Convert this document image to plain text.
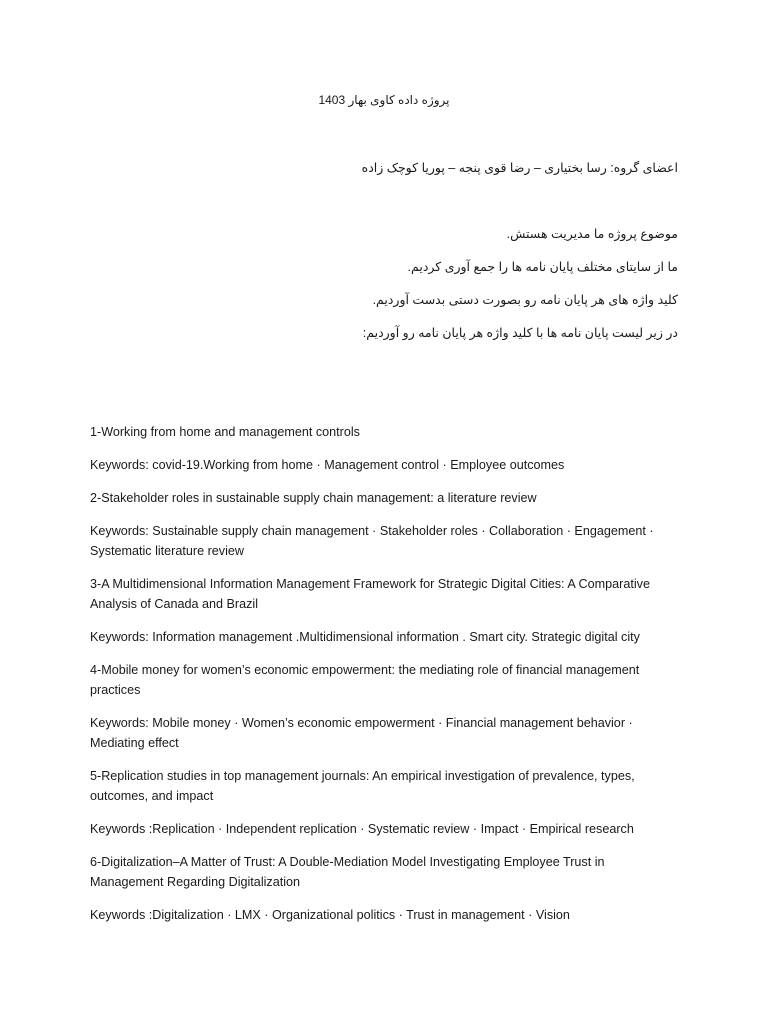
پروژه داده کاوی بهار 1403
اعضای گروه: رسا بختیاری – رضا قوی پنجه – پوریا کوچک زاده
موضوع پروژه ما مدیریت هستش.
ما از سایتای مختلف پایان نامه ها را جمع آوری کردیم.
کلید واژه های هر پایان نامه رو بصورت دستی بدست آوردیم.
در زیر لیست پایان نامه ها با کلید واژه هر پایان نامه رو آوردیم:

1-Working from home and management controls

Keywords: covid-19.Working from home · Management control · Employee outcomes

2-Stakeholder roles in sustainable supply chain management: a literature review

Keywords: Sustainable supply chain management · Stakeholder roles · Collaboration · Engagement · Systematic literature review

3-A Multidimensional Information Management Framework for Strategic Digital Cities: A Comparative Analysis of Canada and Brazil

Keywords: Information management .Multidimensional information . Smart city. Strategic digital city

4-Mobile money for women’s economic empowerment: the mediating role of financial management practices

Keywords: Mobile money · Women’s economic empowerment · Financial management behavior · Mediating effect

5-Replication studies in top management journals: An empirical investigation of prevalence, types, outcomes, and impact

Keywords :Replication · Independent replication · Systematic review · Impact · Empirical research

6-Digitalization–A Matter of Trust: A Double-Mediation Model Investigating Employee Trust in Management Regarding Digitalization

Keywords :Digitalization · LMX · Organizational politics · Trust in management · Vision
